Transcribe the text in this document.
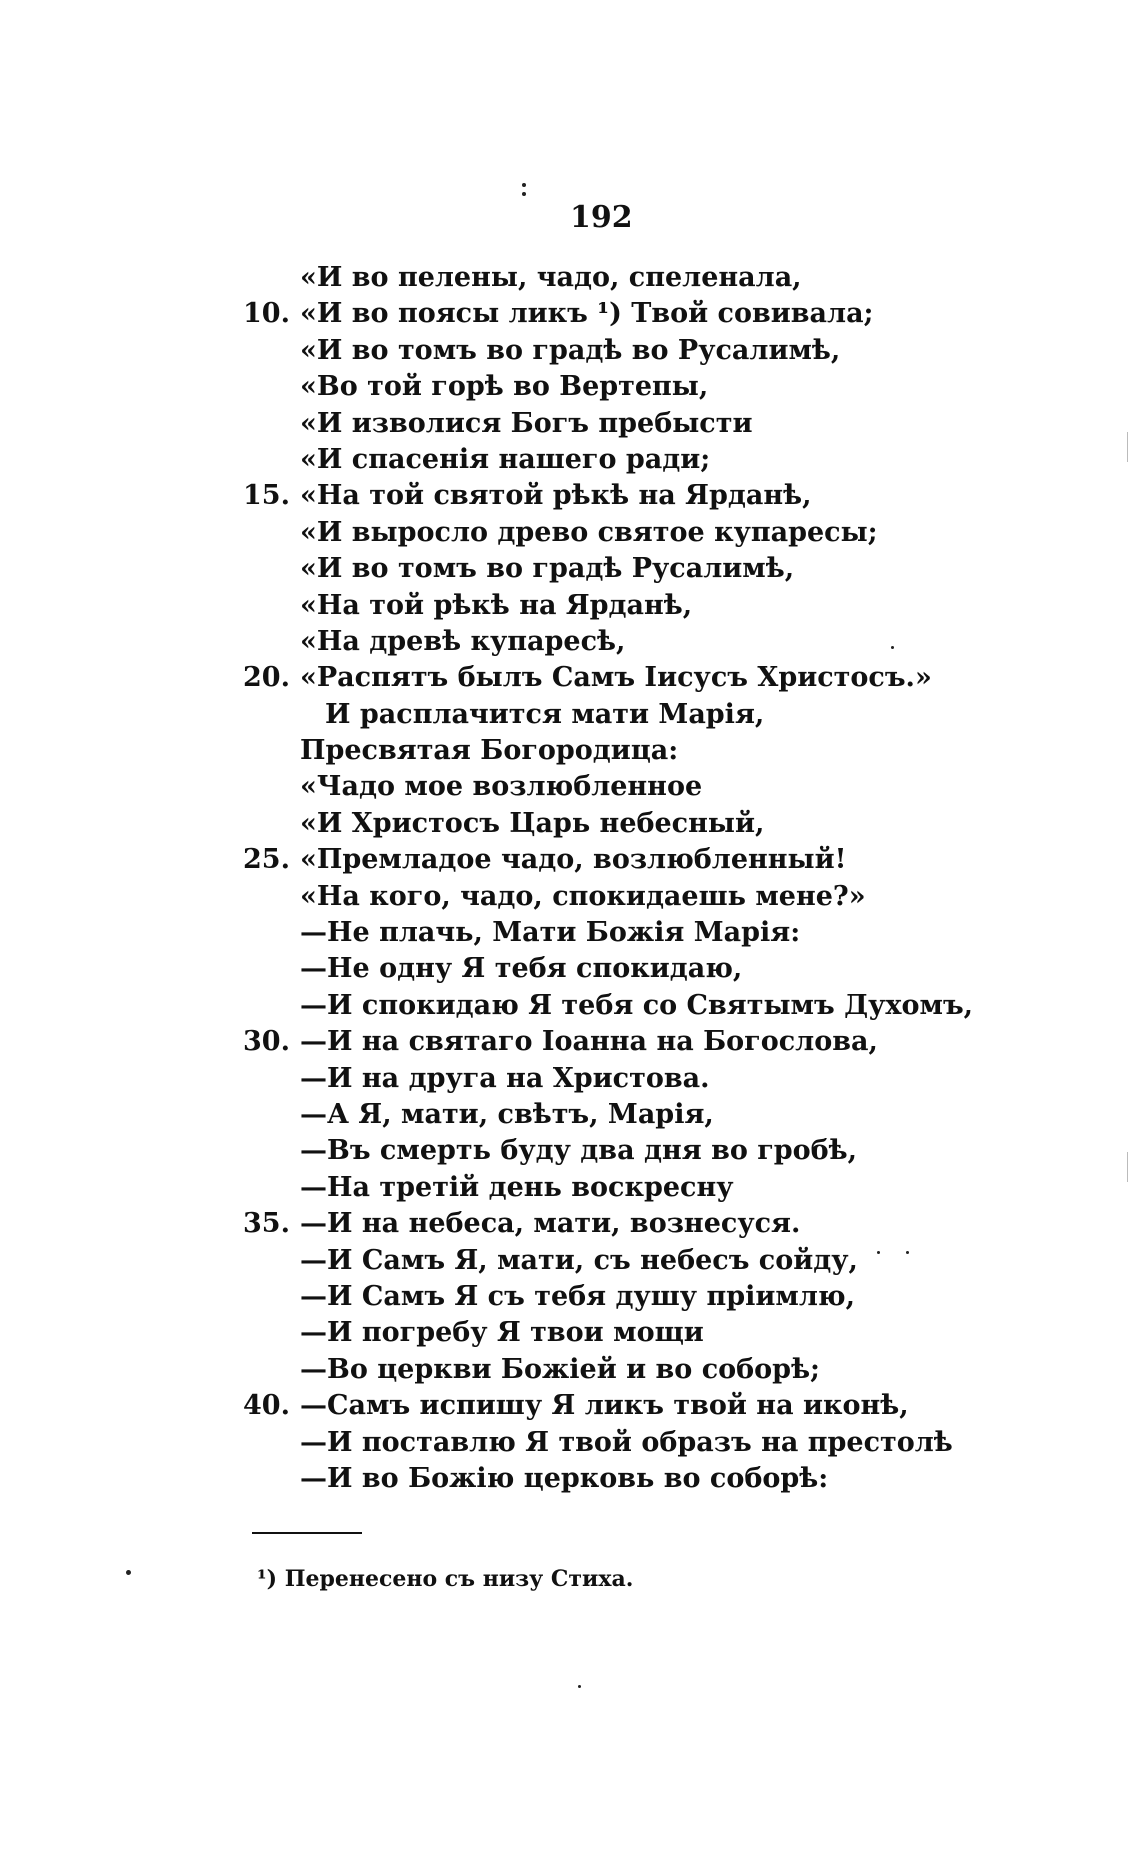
192
«И во пелены, чадо, спеленала,
10. «И во поясы ликъ ¹) Твой совивала;
«И во томъ во градѣ во Русалимѣ,
«Во той горѣ во Вертепы,
«И изволися Богъ пребысти
«И спасенія нашего ради;
15. «На той святой рѣкѣ на Ярданѣ,
«И выросло древо святое купаресы;
«И во томъ во градѣ Русалимѣ,
«На той рѣкѣ на Ярданѣ,
«На древѣ купаресѣ,
20. «Распятъ былъ Самъ Іисусъ Христосъ.»
И расплачится мати Марія,
Пресвятая Богородица:
«Чадо мое возлюбленное
«И Христосъ Царь небесный,
25. «Премладое чадо, возлюбленный!
«На кого, чадо, спокидаешь мене?»
—Не плачь, Мати Божія Марія:
—Не одну Я тебя спокидаю,
—И спокидаю Я тебя со Святымъ Духомъ,
30. —И на святаго Іоанна на Богослова,
—И на друга на Христова.
—А Я, мати, свѣтъ, Марія,
—Въ смерть буду два дня во гробѣ,
—На третій день воскресну
35. —И на небеса, мати, вознесуся.
—И Самъ Я, мати, съ небесъ сойду,
—И Самъ Я съ тебя душу пріимлю,
—И погребу Я твои мощи
—Во церкви Божіей и во соборѣ;
40. —Самъ испишу Я ликъ твой на иконѣ,
—И поставлю Я твой образъ на престолѣ
—И во Божію церковь во соборѣ:
¹) Перенесено съ низу Стиха.
